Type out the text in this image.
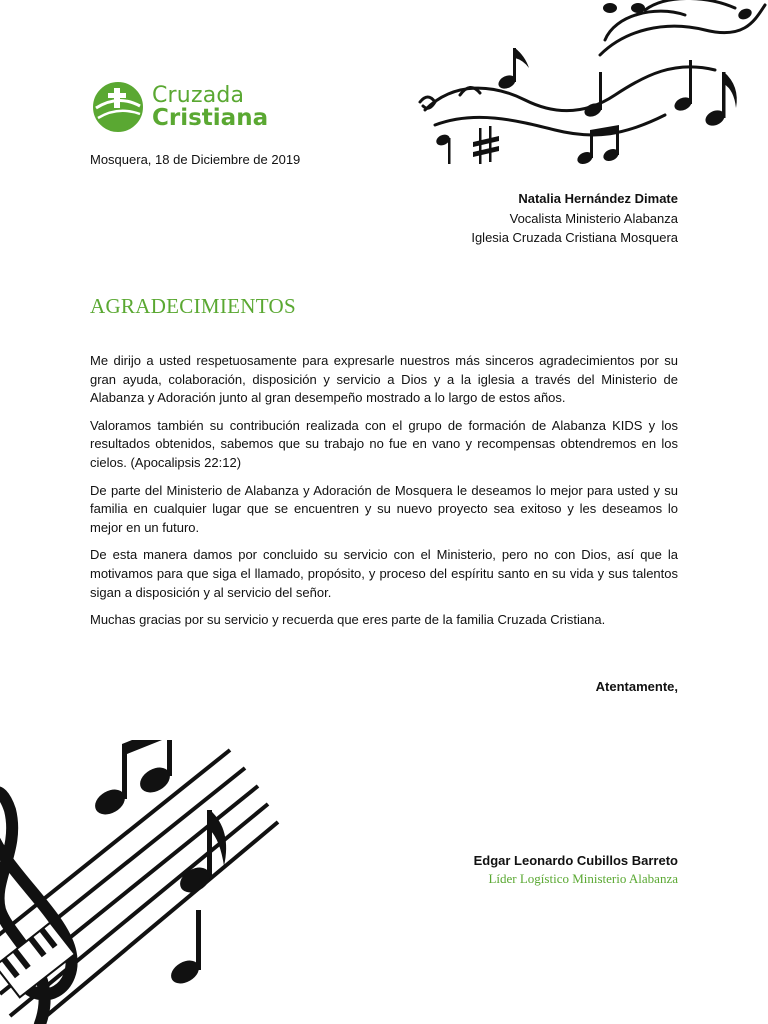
Cruzada
Cristiana
Mosquera, 18 de Diciembre de 2019
Natalia Hernández Dimate
Vocalista Ministerio Alabanza
Iglesia Cruzada Cristiana Mosquera
AGRADECIMIENTOS

Me dirijo a usted respetuosamente para expresarle nuestros más sinceros agradecimientos por su gran ayuda, colaboración, disposición y servicio a Dios y a la iglesia a través del Ministerio de Alabanza y Adoración junto al gran desempeño mostrado a lo largo de estos años.

Valoramos también su contribución realizada con el grupo de formación de Alabanza KIDS y los resultados obtenidos, sabemos que su trabajo no fue en vano y recompensas obtendremos en los cielos. (Apocalipsis 22:12)

De parte del Ministerio de Alabanza y Adoración de Mosquera le deseamos lo mejor para usted y su familia en cualquier lugar que se encuentren y su nuevo proyecto sea exitoso y les deseamos lo mejor en un futuro.

De esta manera damos por concluido su servicio con el Ministerio, pero no con Dios, así que la motivamos para que siga el llamado, propósito, y proceso del espíritu santo en su vida y sus talentos sigan a disposición y al servicio del señor.

Muchas gracias por su servicio y recuerda que eres parte de la familia Cruzada Cristiana.

Atentamente,
Edgar Leonardo Cubillos Barreto
Líder Logístico Ministerio Alabanza
